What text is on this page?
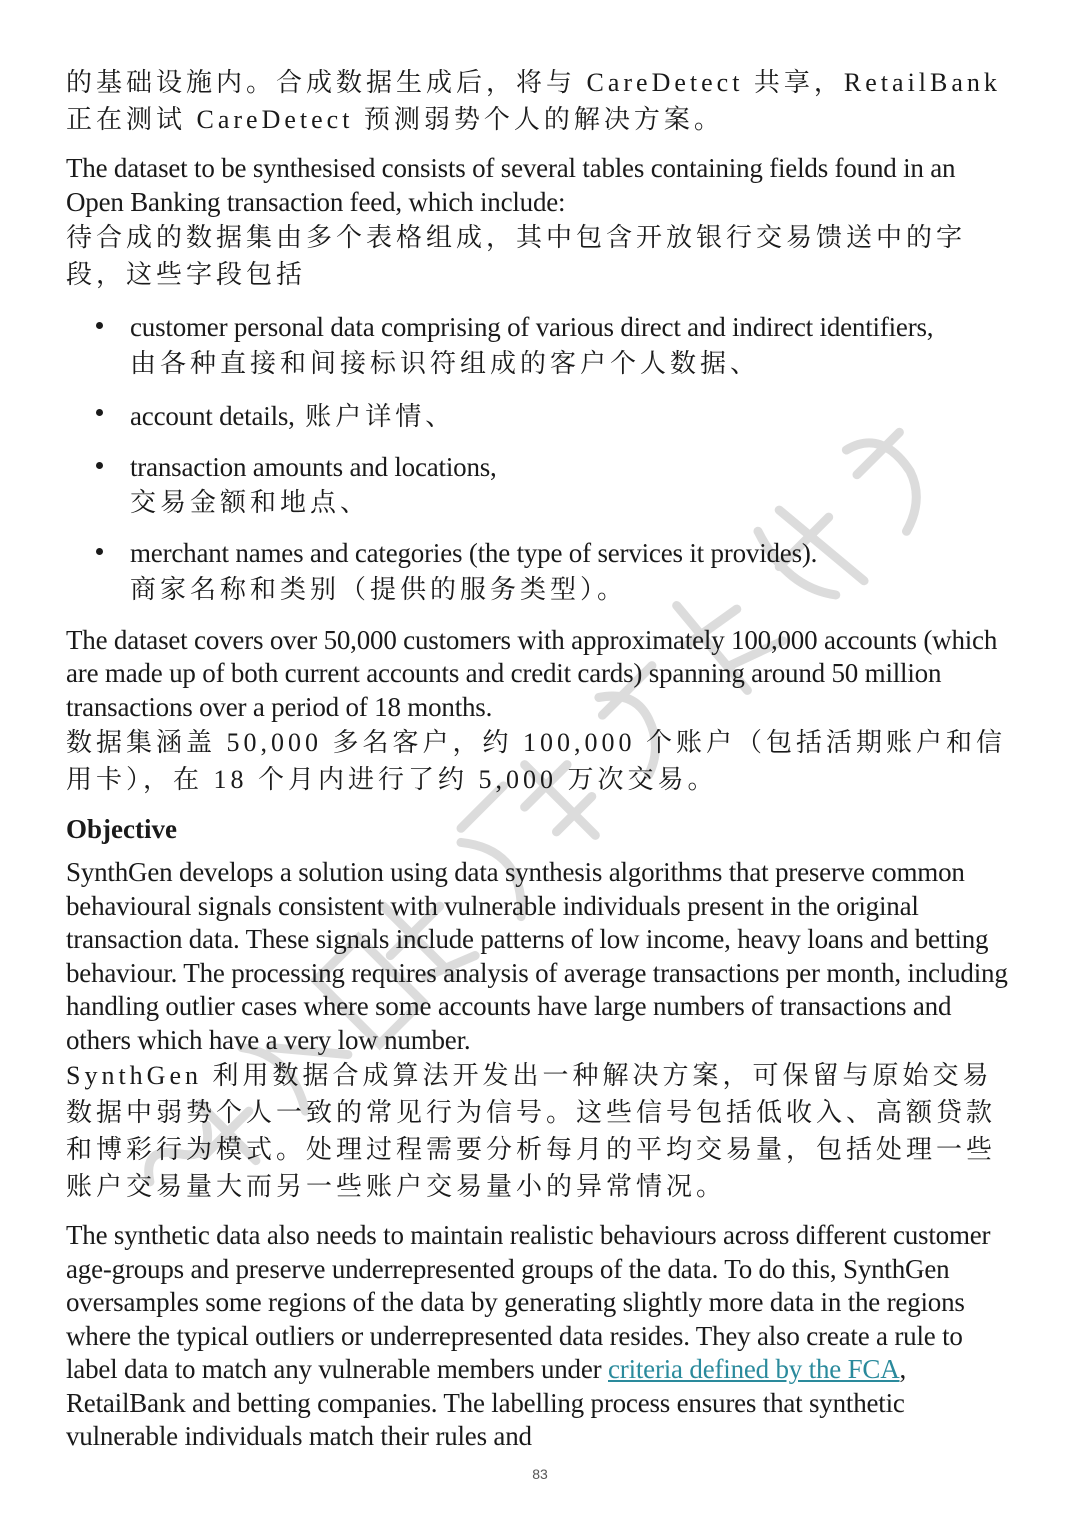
的基础设施内。合成数据生成后，将与 CareDetect 共享，RetailBank 正在测试 CareDetect 预测弱势个人的解决方案。

The dataset to be synthesised consists of several tables containing fields found in an Open Banking transaction feed, which include:

待合成的数据集由多个表格组成，其中包含开放银行交易馈送中的字段，这些字段包括

customer personal data comprising of various direct and indirect identifiers,

由各种直接和间接标识符组成的客户个人数据、

account details, 账户详情、

transaction amounts and locations,

交易金额和地点、

merchant names and categories (the type of services it provides).

商家名称和类别（提供的服务类型）。

The dataset covers over 50,000 customers with approximately 100,000 accounts (which are made up of both current accounts and credit cards) spanning around 50 million transactions over a period of 18 months.

数据集涵盖 50,000 多名客户，约 100,000 个账户（包括活期账户和信用卡），在 18 个月内进行了约 5,000 万次交易。

Objective

SynthGen develops a solution using data synthesis algorithms that preserve common behavioural signals consistent with vulnerable individuals present in the original transaction data. These signals include patterns of low income, heavy loans and betting behaviour. The processing requires analysis of average transactions per month, including handling outlier cases where some accounts have large numbers of transactions and others which have a very low number.

SynthGen 利用数据合成算法开发出一种解决方案，可保留与原始交易数据中弱势个人一致的常见行为信号。这些信号包括低收入、高额贷款和博彩行为模式。处理过程需要分析每月的平均交易量，包括处理一些账户交易量大而另一些账户交易量小的异常情况。

The synthetic data also needs to maintain realistic behaviours across different customer age-groups and preserve underrepresented groups of the data. To do this, SynthGen oversamples some regions of the data by generating slightly more data in the regions where the typical outliers or underrepresented data resides. They also create a rule to label data to match any vulnerable members under criteria defined by the FCA, RetailBank and betting companies. The labelling process ensures that synthetic vulnerable individuals match their rules and

83
